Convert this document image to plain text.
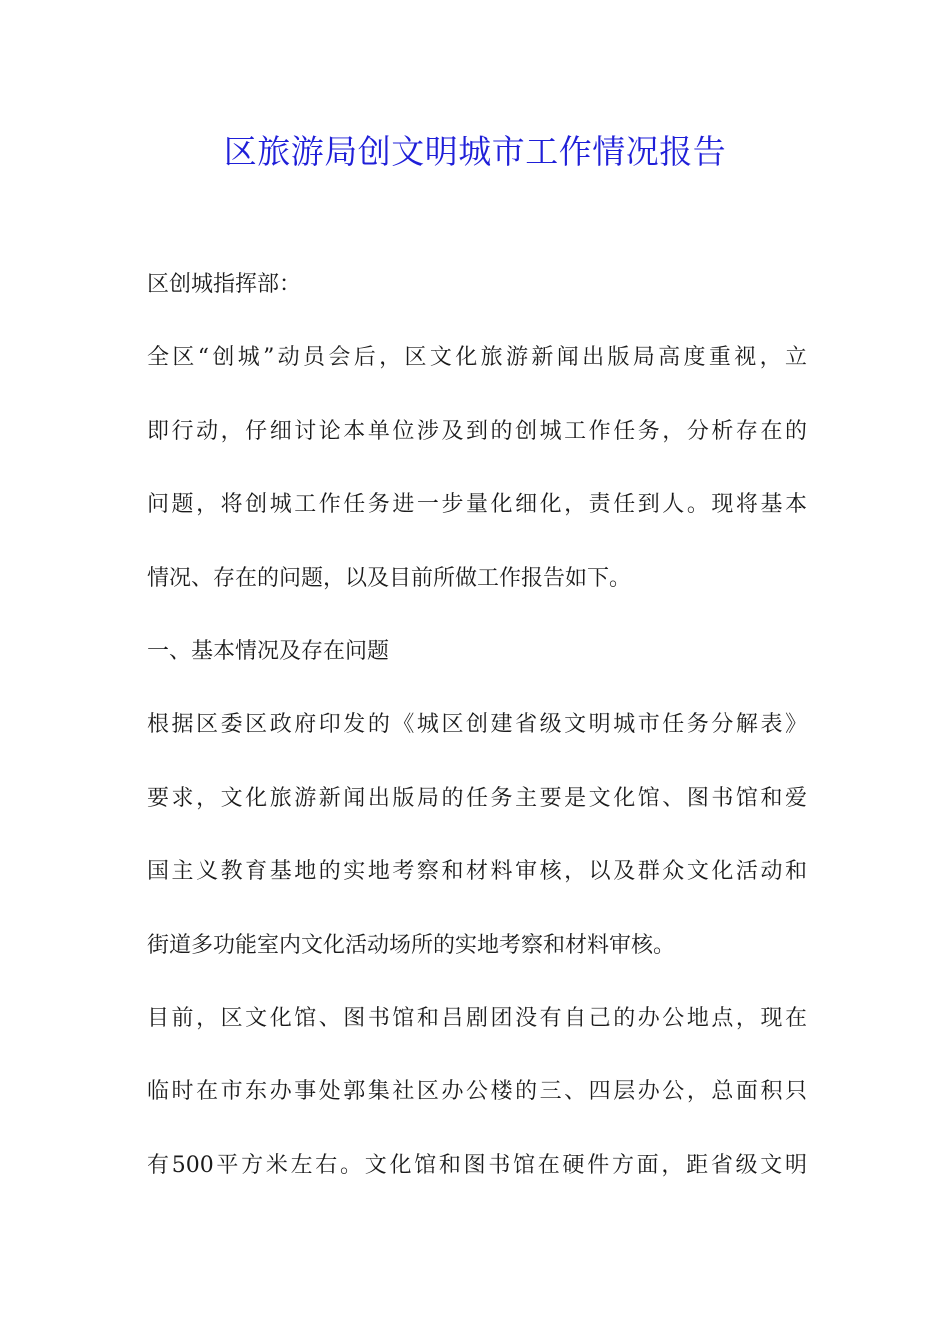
区旅游局创文明城市工作情况报告
区创城指挥部：
全区“创城”动员会后，区文化旅游新闻出版局高度重视，立
即行动，仔细讨论本单位涉及到的创城工作任务，分析存在的
问题，将创城工作任务进一步量化细化，责任到人。现将基本
情况、存在的问题，以及目前所做工作报告如下。
一、基本情况及存在问题
根据区委区政府印发的《城区创建省级文明城市任务分解表》
要求，文化旅游新闻出版局的任务主要是文化馆、图书馆和爱
国主义教育基地的实地考察和材料审核，以及群众文化活动和
街道多功能室内文化活动场所的实地考察和材料审核。
目前，区文化馆、图书馆和吕剧团没有自己的办公地点，现在
临时在市东办事处郭集社区办公楼的三、四层办公，总面积只
有500平方米左右。文化馆和图书馆在硬件方面，距省级文明
